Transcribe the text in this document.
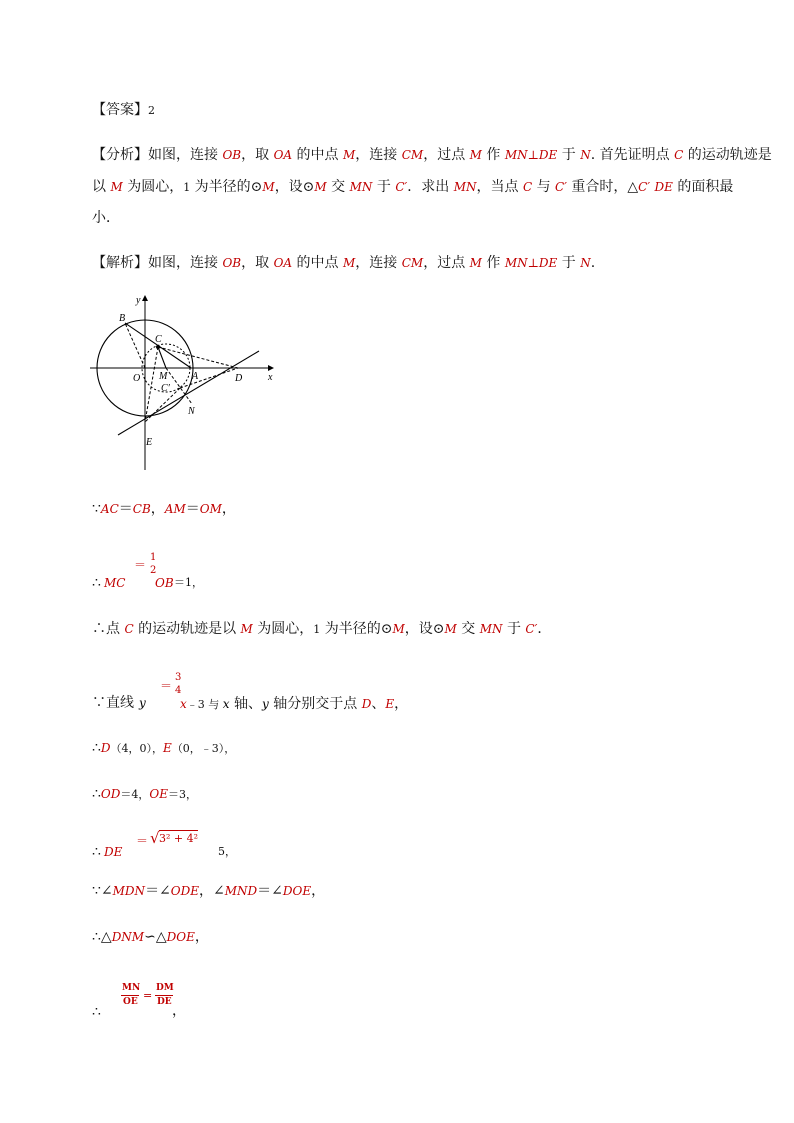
【答案】2
【分析】如图，连接 OB，取 OA 的中点 M，连接 CM，过点 M 作 MN⊥DE 于 N. 首先证明点 C 的运动轨迹是
以 M 为圆心，1 为半径的⊙M，设⊙M 交 MN 于 C′．求出 MN，当点 C 与 C′ 重合时，△C′ DE 的面积最
小．
【解析】如图，连接 OB，取 OA 的中点 M，连接 CM，过点 M 作 MN⊥DE 于 N.
y
x
B
C
O M A	D
C′
N
E
∵AC＝CB，AM＝OM，
∴ MC
＝
1
2
OB ＝1，
∴点 C 的运动轨迹是以 M 为圆心，1 为半径的⊙M，设⊙M 交 MN 于 C′．
∵直线 y
＝
3
4
x﹣3 与 x 轴、y 轴分别交于点 D、E，
∴D（4，0），E（0，﹣3），
∴OD＝4，OE＝3，
∴ DE
＝ √ 3² + 4²
5，
∵∠MDN＝∠ODE，∠MND＝∠DOE，
∴△DNM∽△DOE，
∴
MN
OE =
DM
DE
，
